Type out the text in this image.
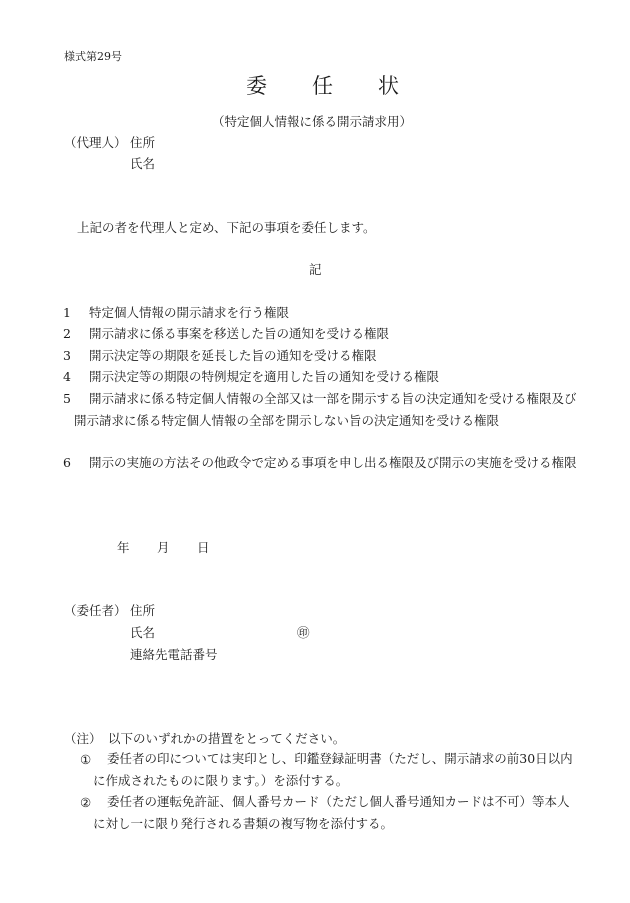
様式第29号
委 任 状
（特定個人情報に係る開示請求用）
（代理人） 住所
氏名
上記の者を代理人と定め、下記の事項を委任します。
記
1	特定個人情報の開示請求を行う権限
2	開示請求に係る事案を移送した旨の通知を受ける権限
3	開示決定等の期限を延長した旨の通知を受ける権限
4	開示決定等の期限の特例規定を適用した旨の通知を受ける権限
5	開示請求に係る特定個人情報の全部又は一部を開示する旨の決定通知を受ける権限及び開示請求に係る特定個人情報の全部を開示しない旨の決定通知を受ける権限
6	開示の実施の方法その他政令で定める事項を申し出る権限及び開示の実施を受ける権限
年 月 日
（委任者） 住所
氏名	㊞
連絡先電話番号
（注） 以下のいずれかの措置をとってください。
①	委任者の印については実印とし、印鑑登録証明書（ただし、開示請求の前30日以内に作成されたものに限ります。）を添付する。
②	委任者の運転免許証、個人番号カード（ただし個人番号通知カードは不可）等本人に対し一に限り発行される書類の複写物を添付する。
